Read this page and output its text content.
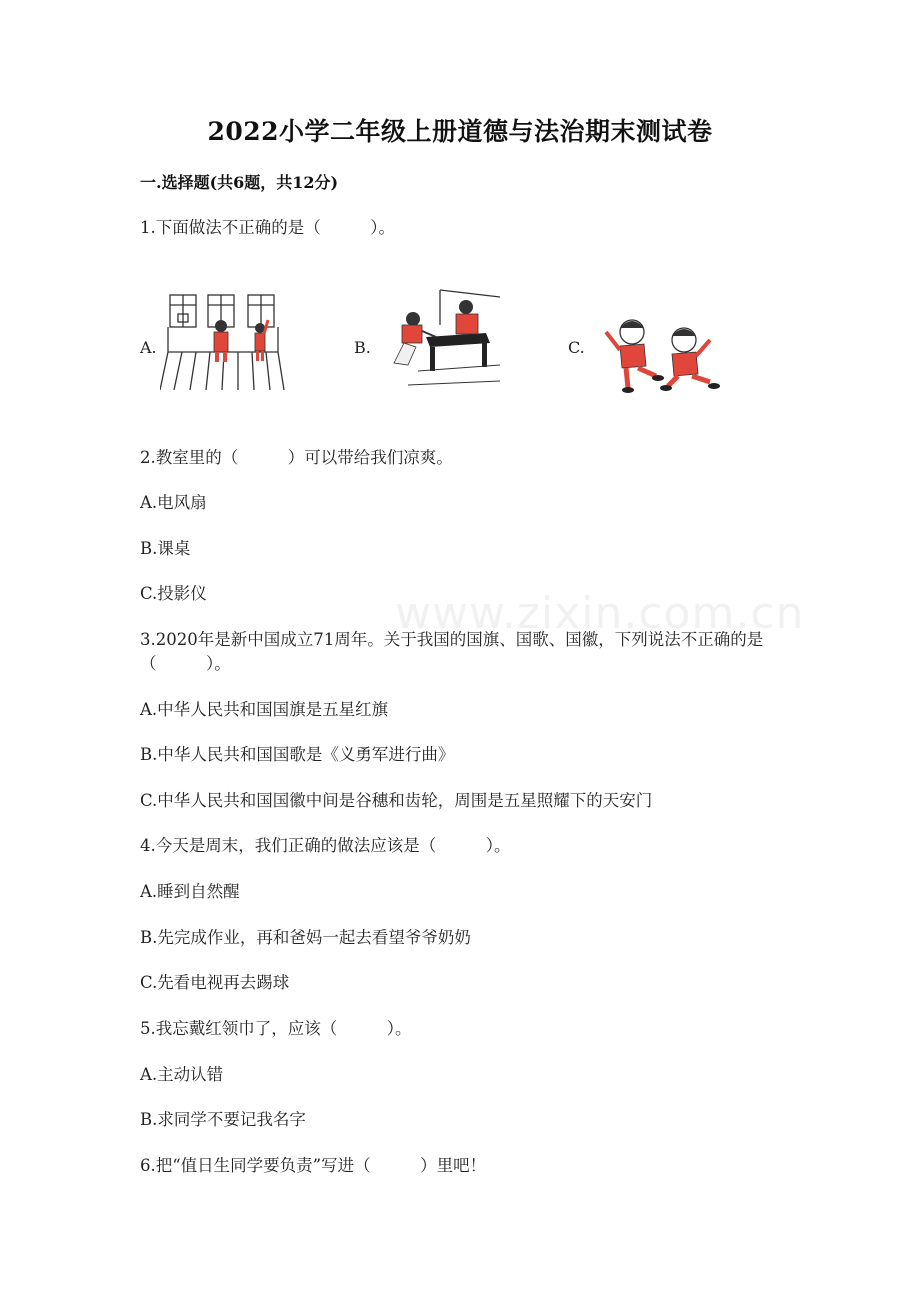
www.zixin.com.cn
2022小学二年级上册道德与法治期末测试卷
一.选择题(共6题，共12分)
1.下面做法不正确的是（　　　）。
A.	B.	C.
2.教室里的（　　　）可以带给我们凉爽。
A.电风扇
B.课桌
C.投影仪
3.2020年是新中国成立71周年。关于我国的国旗、国歌、国徽，下列说法不正确的是（　　　）。
A.中华人民共和国国旗是五星红旗
B.中华人民共和国国歌是《义勇军进行曲》
C.中华人民共和国国徽中间是谷穗和齿轮，周围是五星照耀下的天安门
4.今天是周末，我们正确的做法应该是（　　　）。
A.睡到自然醒
B.先完成作业，再和爸妈一起去看望爷爷奶奶
C.先看电视再去踢球
5.我忘戴红领巾了，应该（　　　）。
A.主动认错
B.求同学不要记我名字
6.把“值日生同学要负责”写进（　　　）里吧！
